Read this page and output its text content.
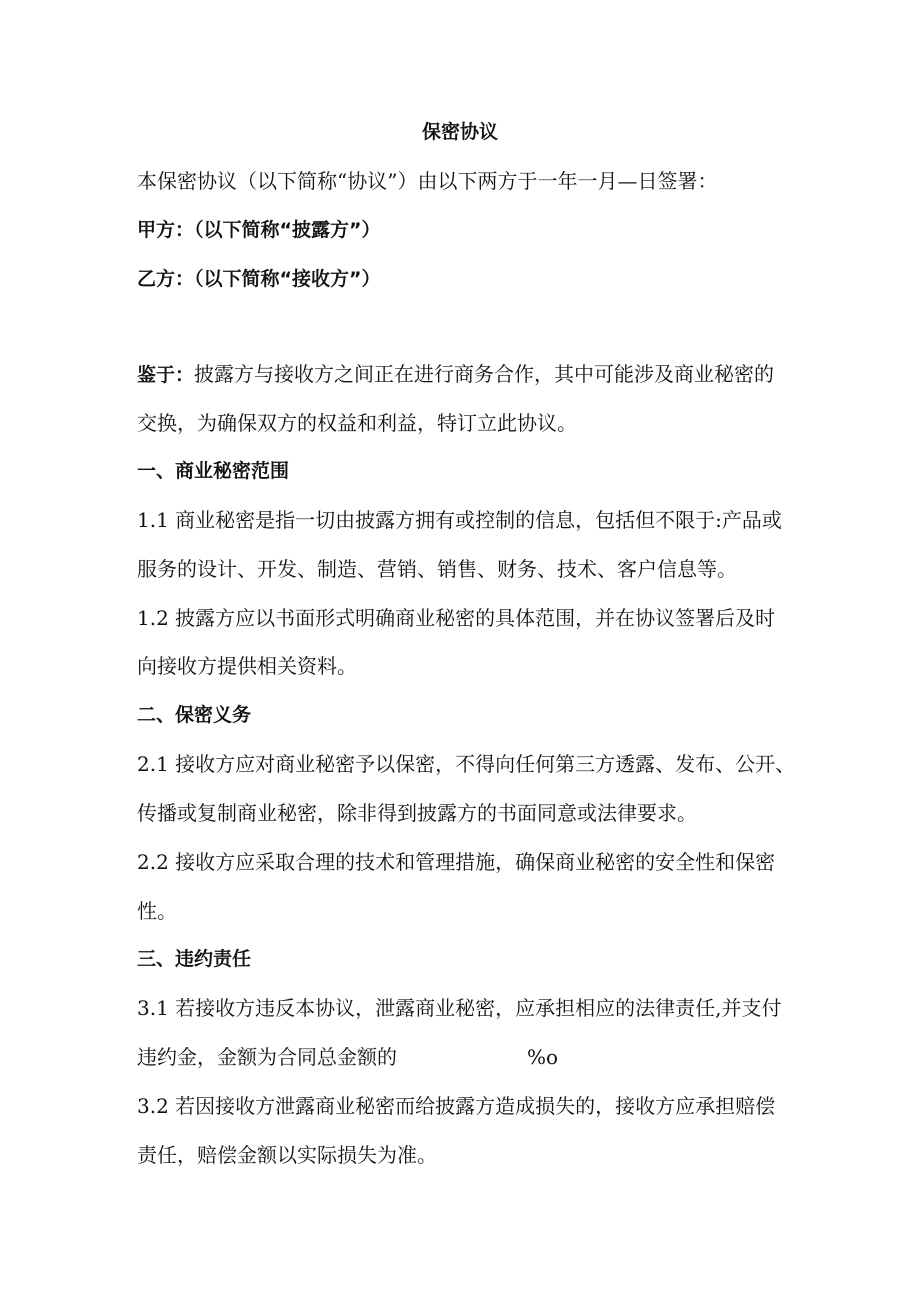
保密协议
本保密协议（以下简称“协议”）由以下两方于一年一月—日签署：
甲方：（以下简称“披露方”）
乙方：（以下简称“接收方”）
鉴于：披露方与接收方之间正在进行商务合作，其中可能涉及商业秘密的
交换，为确保双方的权益和利益，特订立此协议。
一、商业秘密范围
1.1 商业秘密是指一切由披露方拥有或控制的信息，包括但不限于:产品或
服务的设计、开发、制造、营销、销售、财务、技术、客户信息等。
1.2 披露方应以书面形式明确商业秘密的具体范围，并在协议签署后及时
向接收方提供相关资料。
二、保密义务
2.1 接收方应对商业秘密予以保密，不得向任何第三方透露、发布、公开、
传播或复制商业秘密，除非得到披露方的书面同意或法律要求。
2.2 接收方应采取合理的技术和管理措施，确保商业秘密的安全性和保密
性。
三、违约责任
3.1 若接收方违反本协议，泄露商业秘密，应承担相应的法律责任,并支付
违约金，金额为合同总金额的	%o
3.2 若因接收方泄露商业秘密而给披露方造成损失的，接收方应承担赔偿
责任，赔偿金额以实际损失为准。
